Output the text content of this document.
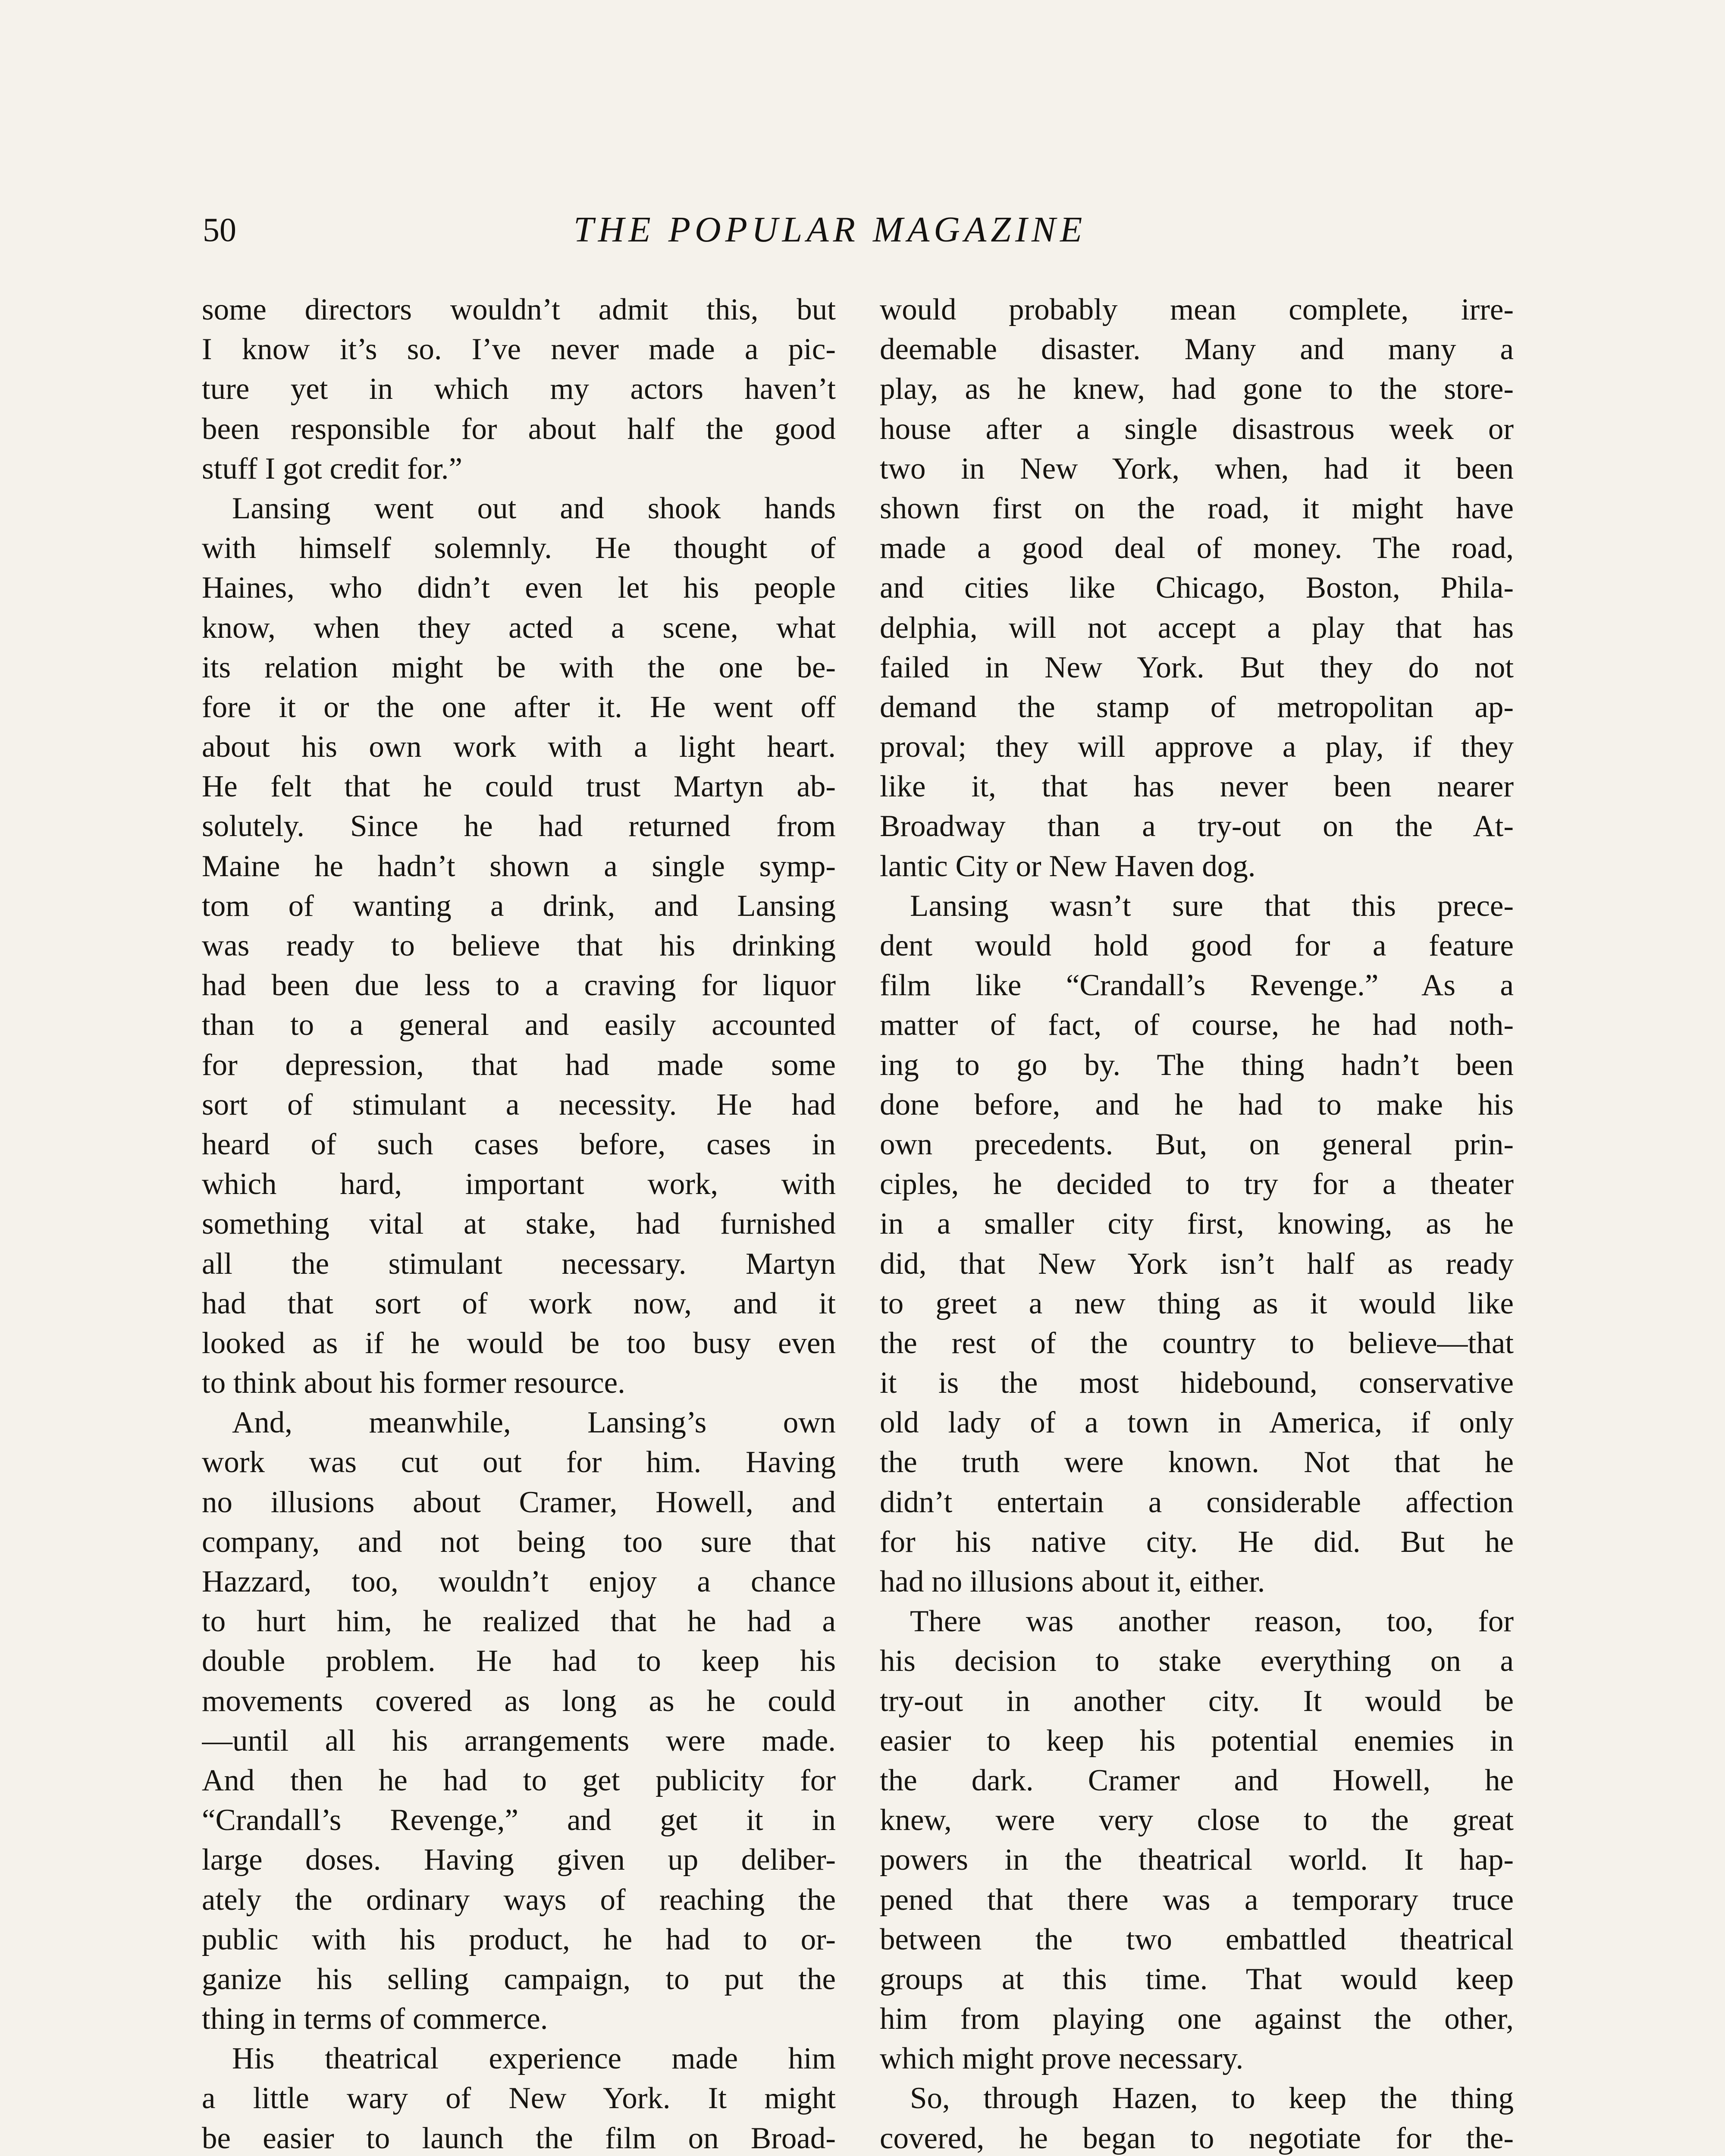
50	THE POPULAR MAGAZINE
some directors wouldn’t admit this, but
I know it’s so. I’ve never made a pic-
ture yet in which my actors haven’t
been responsible for about half the good
stuff I got credit for.”
Lansing went out and shook hands
with himself solemnly. He thought of
Haines, who didn’t even let his people
know, when they acted a scene, what
its relation might be with the one be-
fore it or the one after it. He went off
about his own work with a light heart.
He felt that he could trust Martyn ab-
solutely. Since he had returned from
Maine he hadn’t shown a single symp-
tom of wanting a drink, and Lansing
was ready to believe that his drinking
had been due less to a craving for liquor
than to a general and easily accounted
for depression, that had made some
sort of stimulant a necessity. He had
heard of such cases before, cases in
which hard, important work, with
something vital at stake, had furnished
all the stimulant necessary. Martyn
had that sort of work now, and it
looked as if he would be too busy even
to think about his former resource.
And, meanwhile, Lansing’s own
work was cut out for him. Having
no illusions about Cramer, Howell, and
company, and not being too sure that
Hazzard, too, wouldn’t enjoy a chance
to hurt him, he realized that he had a
double problem. He had to keep his
movements covered as long as he could
—until all his arrangements were made.
And then he had to get publicity for
“Crandall’s Revenge,” and get it in
large doses. Having given up deliber-
ately the ordinary ways of reaching the
public with his product, he had to or-
ganize his selling campaign, to put the
thing in terms of commerce.
His theatrical experience made him
a little wary of New York. It might
be easier to launch the film on Broad-
would probably mean complete, irre-
deemable disaster. Many and many a
play, as he knew, had gone to the store-
house after a single disastrous week or
two in New York, when, had it been
shown first on the road, it might have
made a good deal of money. The road,
and cities like Chicago, Boston, Phila-
delphia, will not accept a play that has
failed in New York. But they do not
demand the stamp of metropolitan ap-
proval; they will approve a play, if they
like it, that has never been nearer
Broadway than a try-out on the At-
lantic City or New Haven dog.
Lansing wasn’t sure that this prece-
dent would hold good for a feature
film like “Crandall’s Revenge.” As a
matter of fact, of course, he had noth-
ing to go by. The thing hadn’t been
done before, and he had to make his
own precedents. But, on general prin-
ciples, he decided to try for a theater
in a smaller city first, knowing, as he
did, that New York isn’t half as ready
to greet a new thing as it would like
the rest of the country to believe—that
it is the most hidebound, conservative
old lady of a town in America, if only
the truth were known. Not that he
didn’t entertain a considerable affection
for his native city. He did. But he
had no illusions about it, either.
There was another reason, too, for
his decision to stake everything on a
try-out in another city. It would be
easier to keep his potential enemies in
the dark. Cramer and Howell, he
knew, were very close to the great
powers in the theatrical world. It hap-
pened that there was a temporary truce
between the two embattled theatrical
groups at this time. That would keep
him from playing one against the other,
which might prove necessary.
So, through Hazen, to keep the thing
covered, he began to negotiate for the-
